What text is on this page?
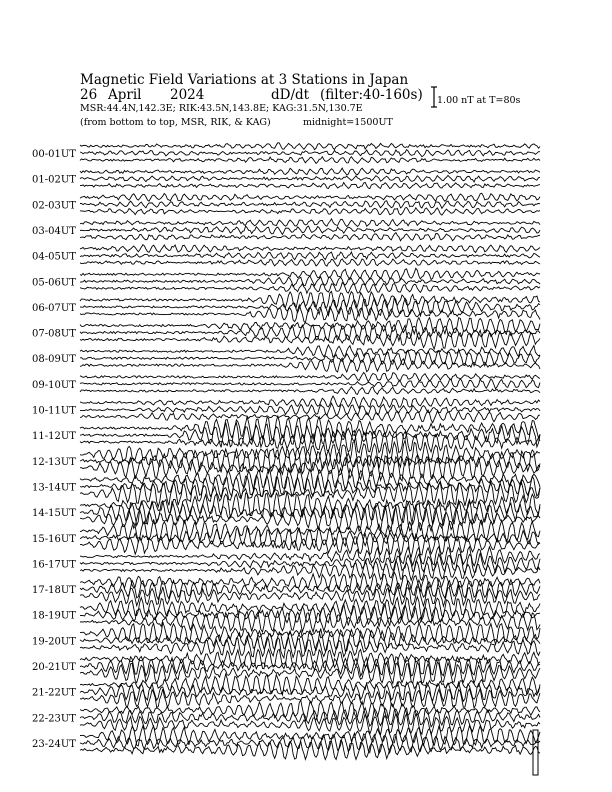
Magnetic Field Variations at 3 Stations in Japan
26 April 2024	dD/dt (filter:40-160s)
MSR:44.4N,142.3E; RIK:43.5N,143.8E; KAG:31.5N,130.7E
(from bottom to top, MSR, RIK, & KAG)	midnight=1500UT
1.00 nT at T=80s
00-01UT
01-02UT
02-03UT
03-04UT
04-05UT
05-06UT
06-07UT
07-08UT
08-09UT
09-10UT
10-11UT
11-12UT
12-13UT
13-14UT
14-15UT
15-16UT
16-17UT
17-18UT
18-19UT
19-20UT
20-21UT
21-22UT
22-23UT
23-24UT
